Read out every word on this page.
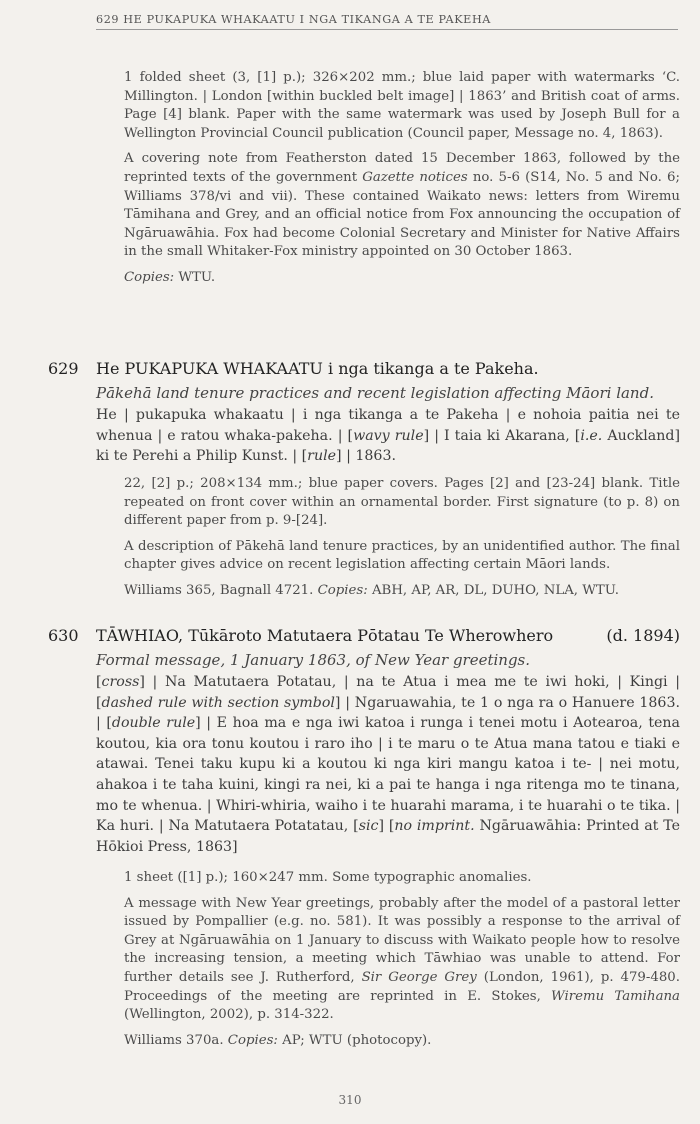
629 HE PUKAPUKA WHAKAATU I NGA TIKANGA A TE PAKEHA

1 folded sheet (3, [1] p.); 326×202 mm.; blue laid paper with watermarks ‘C. Millington. | London [within buckled belt image] | 1863’ and British coat of arms. Page [4] blank. Paper with the same watermark was used by Joseph Bull for a Wellington Provincial Council publication (Council paper, Message no. 4, 1863).

A covering note from Featherston dated 15 December 1863, followed by the reprinted texts of the government Gazette notices no. 5-6 (S14, No. 5 and No. 6; Williams 378/vi and vii). These contained Waikato news: letters from Wiremu Tāmihana and Grey, and an official notice from Fox announcing the occupation of Ngāruawāhia. Fox had become Colonial Secretary and Minister for Native Affairs in the small Whitaker-Fox ministry appointed on 30 October 1863.

Copies: WTU.

629 He PUKAPUKA WHAKAATU i nga tikanga a te Pakeha.
Pākehā land tenure practices and recent legislation affecting Māori land.
He | pukapuka whakaatu | i nga tikanga a te Pakeha | e nohoia paitia nei te whenua | e ratou whaka-pakeha. | [wavy rule] | I taia ki Akarana, [i.e. Auckland] ki te Perehi a Philip Kunst. | [rule] | 1863.

22, [2] p.; 208×134 mm.; blue paper covers. Pages [2] and [23-24] blank. Title repeated on front cover within an ornamental border. First signature (to p. 8) on different paper from p. 9-[24].

A description of Pākehā land tenure practices, by an unidentified author. The final chapter gives advice on recent legislation affecting certain Māori lands.

Williams 365, Bagnall 4721. Copies: ABH, AP, AR, DL, DUHO, NLA, WTU.

630 TĀWHIAO, Tūkāroto Matutaera Pōtatau Te Wherowhero	(d. 1894)
Formal message, 1 January 1863, of New Year greetings.
[cross] | Na Matutaera Potatau, | na te Atua i mea me te iwi hoki, | Kingi | [dashed rule with section symbol] | Ngaruawahia, te 1 o nga ra o Hanuere 1863. | [double rule] | E hoa ma e nga iwi katoa i runga i tenei motu i Aotearoa, tena koutou, kia ora tonu koutou i raro iho | i te maru o te Atua mana tatou e tiaki e atawai. Tenei taku kupu ki a koutou ki nga kiri mangu katoa i te- | nei motu, ahakoa i te taha kuini, kingi ra nei, ki a pai te hanga i nga ritenga mo te tinana, mo te whenua. | Whiri-whiria, waiho i te huarahi marama, i te huarahi o te tika. | Ka huri. | Na Matutaera Potatatau, [sic] [no imprint. Ngāruawāhia: Printed at Te Hōkioi Press, 1863]

1 sheet ([1] p.); 160×247 mm. Some typographic anomalies.

A message with New Year greetings, probably after the model of a pastoral letter issued by Pompallier (e.g. no. 581). It was possibly a response to the arrival of Grey at Ngāruawāhia on 1 January to discuss with Waikato people how to resolve the increasing tension, a meeting which Tāwhiao was unable to attend. For further details see J. Rutherford, Sir George Grey (London, 1961), p. 479-480. Proceedings of the meeting are reprinted in E. Stokes, Wiremu Tamihana (Wellington, 2002), p. 314-322.

Williams 370a. Copies: AP; WTU (photocopy).

310
